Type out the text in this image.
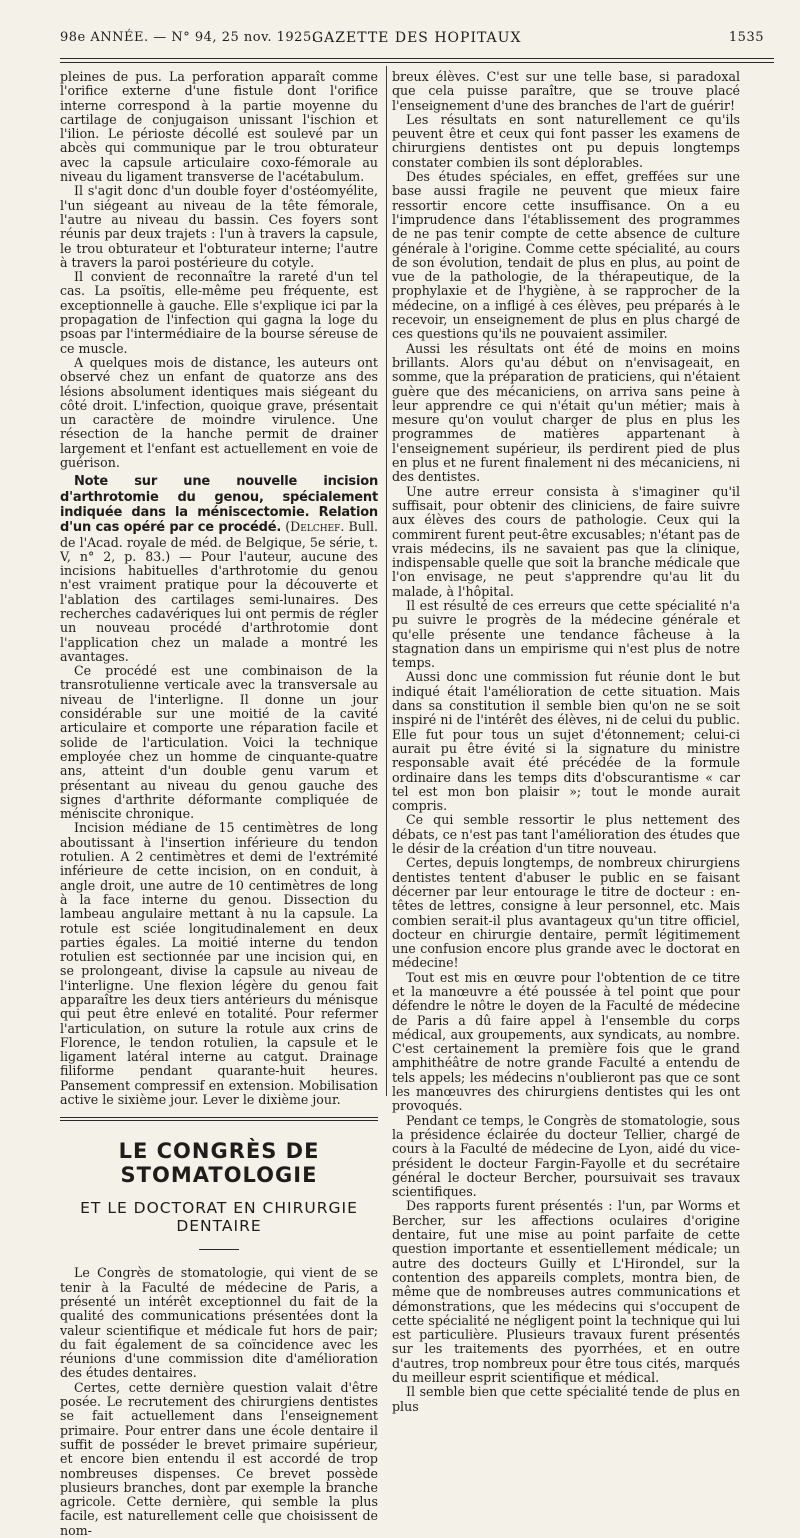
98e ANNÉE. — N° 94, 25 nov. 1925.
GAZETTE DES HOPITAUX	1535

pleines de pus. La perforation apparaît comme l'orifice externe d'une fistule dont l'orifice interne correspond à la partie moyenne du cartilage de conjugaison unissant l'ischion et l'ilion. Le périoste décollé est soulevé par un abcès qui communique par le trou obturateur avec la capsule articulaire coxo-fémorale au niveau du ligament transverse de l'acétabulum.

Il s'agit donc d'un double foyer d'ostéomyélite, l'un siégeant au niveau de la tête fémorale, l'autre au niveau du bassin. Ces foyers sont réunis par deux trajets : l'un à travers la capsule, le trou obturateur et l'obturateur interne; l'autre à travers la paroi postérieure du cotyle.

Il convient de reconnaître la rareté d'un tel cas. La psoïtis, elle-même peu fréquente, est exceptionnelle à gauche. Elle s'explique ici par la propagation de l'infection qui gagna la loge du psoas par l'intermédiaire de la bourse séreuse de ce muscle.

A quelques mois de distance, les auteurs ont observé chez un enfant de quatorze ans des lésions absolument identiques mais siégeant du côté droit. L'infection, quoique grave, présentait un caractère de moindre virulence. Une résection de la hanche permit de drainer largement et l'enfant est actuellement en voie de guérison.

Note sur une nouvelle incision d'arthrotomie du genou, spécialement indiquée dans la méniscectomie. Relation d'un cas opéré par ce procédé. (Delchef. Bull. de l'Acad. royale de méd. de Belgique, 5e série, t. V, n° 2, p. 83.) — Pour l'auteur, aucune des incisions habituelles d'arthrotomie du genou n'est vraiment pratique pour la découverte et l'ablation des cartilages semi-lunaires. Des recherches cadavériques lui ont permis de régler un nouveau procédé d'arthrotomie dont l'application chez un malade a montré les avantages.

Ce procédé est une combinaison de la transrotulienne verticale avec la transversale au niveau de l'interligne. Il donne un jour considérable sur une moitié de la cavité articulaire et comporte une réparation facile et solide de l'articulation. Voici la technique employée chez un homme de cinquante-quatre ans, atteint d'un double genu varum et présentant au niveau du genou gauche des signes d'arthrite déformante compliquée de méniscite chronique.

Incision médiane de 15 centimètres de long aboutissant à l'insertion inférieure du tendon rotulien. A 2 centimètres et demi de l'extrémité inférieure de cette incision, on en conduit, à angle droit, une autre de 10 centimètres de long à la face interne du genou. Dissection du lambeau angulaire mettant à nu la capsule. La rotule est sciée longitudinalement en deux parties égales. La moitié interne du tendon rotulien est sectionnée par une incision qui, en se prolongeant, divise la capsule au niveau de l'interligne. Une flexion légère du genou fait apparaître les deux tiers antérieurs du ménisque qui peut être enlevé en totalité. Pour refermer l'articulation, on suture la rotule aux crins de Florence, le tendon rotulien, la capsule et le ligament latéral interne au catgut. Drainage filiforme pendant quarante-huit heures. Pansement compressif en extension. Mobilisation active le sixième jour. Lever le dixième jour.

LE CONGRÈS DE STOMATOLOGIE
ET LE DOCTORAT EN CHIRURGIE DENTAIRE

Le Congrès de stomatologie, qui vient de se tenir à la Faculté de médecine de Paris, a présenté un intérêt exceptionnel du fait de la qualité des communications présentées dont la valeur scientifique et médicale fut hors de pair; du fait également de sa coïncidence avec les réunions d'une commission dite d'amélioration des études dentaires.

Certes, cette dernière question valait d'être posée. Le recrutement des chirurgiens dentistes se fait actuellement dans l'enseignement primaire. Pour entrer dans une école dentaire il suffit de posséder le brevet primaire supérieur, et encore bien entendu il est accordé de trop nombreuses dispenses. Ce brevet possède plusieurs branches, dont par exemple la branche agricole. Cette dernière, qui semble la plus facile, est naturellement celle que choisissent de nom-

breux élèves. C'est sur une telle base, si paradoxal que cela puisse paraître, que se trouve placé l'enseignement d'une des branches de l'art de guérir!

Les résultats en sont naturellement ce qu'ils peuvent être et ceux qui font passer les examens de chirurgiens dentistes ont pu depuis longtemps constater combien ils sont déplorables.

Des études spéciales, en effet, greffées sur une base aussi fragile ne peuvent que mieux faire ressortir encore cette insuffisance. On a eu l'imprudence dans l'établissement des programmes de ne pas tenir compte de cette absence de culture générale à l'origine. Comme cette spécialité, au cours de son évolution, tendait de plus en plus, au point de vue de la pathologie, de la thérapeutique, de la prophylaxie et de l'hygiène, à se rapprocher de la médecine, on a infligé à ces élèves, peu préparés à le recevoir, un enseignement de plus en plus chargé de ces questions qu'ils ne pouvaient assimiler.

Aussi les résultats ont été de moins en moins brillants. Alors qu'au début on n'envisageait, en somme, que la préparation de praticiens, qui n'étaient guère que des mécaniciens, on arriva sans peine à leur apprendre ce qui n'était qu'un métier; mais à mesure qu'on voulut charger de plus en plus les programmes de matières appartenant à l'enseignement supérieur, ils perdirent pied de plus en plus et ne furent finalement ni des mécaniciens, ni des dentistes.

Une autre erreur consista à s'imaginer qu'il suffisait, pour obtenir des cliniciens, de faire suivre aux élèves des cours de pathologie. Ceux qui la commirent furent peut-être excusables; n'étant pas de vrais médecins, ils ne savaient pas que la clinique, indispensable quelle que soit la branche médicale que l'on envisage, ne peut s'apprendre qu'au lit du malade, à l'hôpital.

Il est résulté de ces erreurs que cette spécialité n'a pu suivre le progrès de la médecine générale et qu'elle présente une tendance fâcheuse à la stagnation dans un empirisme qui n'est plus de notre temps.

Aussi donc une commission fut réunie dont le but indiqué était l'amélioration de cette situation. Mais dans sa constitution il semble bien qu'on ne se soit inspiré ni de l'intérêt des élèves, ni de celui du public. Elle fut pour tous un sujet d'étonnement; celui-ci aurait pu être évité si la signature du ministre responsable avait été précédée de la formule ordinaire dans les temps dits d'obscurantisme « car tel est mon bon plaisir »; tout le monde aurait compris.

Ce qui semble ressortir le plus nettement des débats, ce n'est pas tant l'amélioration des études que le désir de la création d'un titre nouveau.

Certes, depuis longtemps, de nombreux chirurgiens dentistes tentent d'abuser le public en se faisant décerner par leur entourage le titre de docteur : en-têtes de lettres, consigne à leur personnel, etc. Mais combien serait-il plus avantageux qu'un titre officiel, docteur en chirurgie dentaire, permît légitimement une confusion encore plus grande avec le doctorat en médecine!

Tout est mis en œuvre pour l'obtention de ce titre et la manœuvre a été poussée à tel point que pour défendre le nôtre le doyen de la Faculté de médecine de Paris a dû faire appel à l'ensemble du corps médical, aux groupements, aux syndicats, au nombre. C'est certainement la première fois que le grand amphithéâtre de notre grande Faculté a entendu de tels appels; les médecins n'oublieront pas que ce sont les manœuvres des chirurgiens dentistes qui les ont provoqués.

Pendant ce temps, le Congrès de stomatologie, sous la présidence éclairée du docteur Tellier, chargé de cours à la Faculté de médecine de Lyon, aidé du vice-président le docteur Fargin-Fayolle et du secrétaire général le docteur Bercher, poursuivait ses travaux scientifiques.

Des rapports furent présentés : l'un, par Worms et Bercher, sur les affections oculaires d'origine dentaire, fut une mise au point parfaite de cette question importante et essentiellement médicale; un autre des docteurs Guilly et L'Hirondel, sur la contention des appareils complets, montra bien, de même que de nombreuses autres communications et démonstrations, que les médecins qui s'occupent de cette spécialité ne négligent point la technique qui lui est particulière. Plusieurs travaux furent présentés sur les traitements des pyorrhées, et en outre d'autres, trop nombreux pour être tous cités, marqués du meilleur esprit scientifique et médical.

Il semble bien que cette spécialité tende de plus en plus
